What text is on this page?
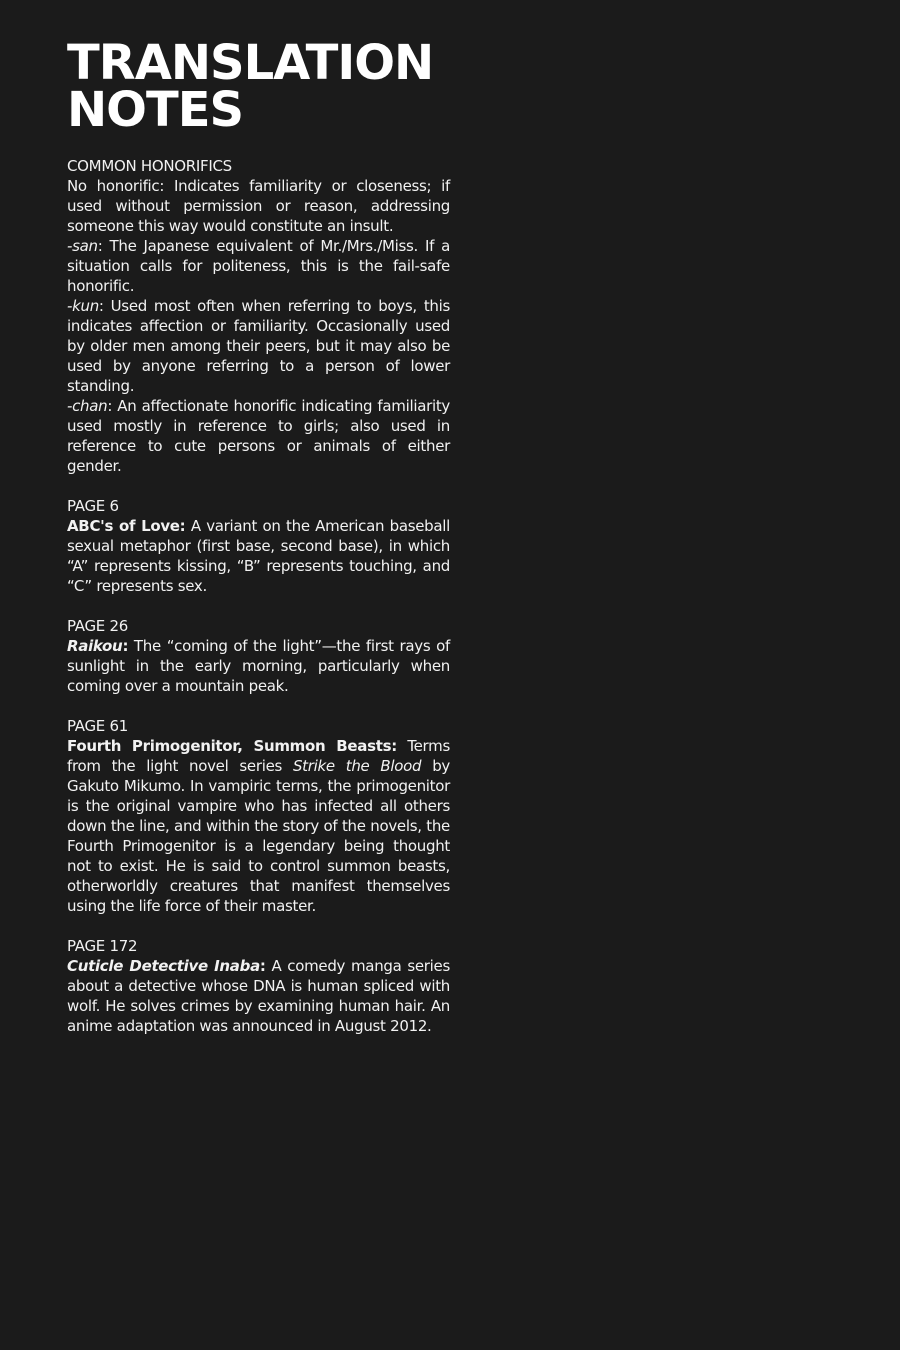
TRANSLATION
NOTES
COMMON HONORIFICS

No honorific: Indicates familiarity or closeness; if used without permission or reason, addressing someone this way would constitute an insult.

-san: The Japanese equivalent of Mr./Mrs./Miss. If a situation calls for politeness, this is the fail-safe honorific.

-kun: Used most often when referring to boys, this indicates affection or familiarity. Occasionally used by older men among their peers, but it may also be used by anyone referring to a person of lower standing.

-chan: An affectionate honorific indicating familiarity used mostly in reference to girls; also used in reference to cute persons or animals of either gender.

PAGE 6

ABC's of Love: A variant on the American baseball sexual metaphor (first base, second base), in which “A” represents kissing, “B” represents touching, and “C” represents sex.

PAGE 26

Raikou: The “coming of the light”—the first rays of sunlight in the early morning, particularly when coming over a mountain peak.

PAGE 61

Fourth Primogenitor, Summon Beasts: Terms from the light novel series Strike the Blood by Gakuto Mikumo. In vampiric terms, the primogenitor is the original vampire who has infected all others down the line, and within the story of the novels, the Fourth Primogenitor is a legendary being thought not to exist. He is said to control summon beasts, otherworldly creatures that manifest themselves using the life force of their master.

PAGE 172

Cuticle Detective Inaba: A comedy manga series about a detective whose DNA is human spliced with wolf. He solves crimes by examining human hair. An anime adaptation was announced in August 2012.
